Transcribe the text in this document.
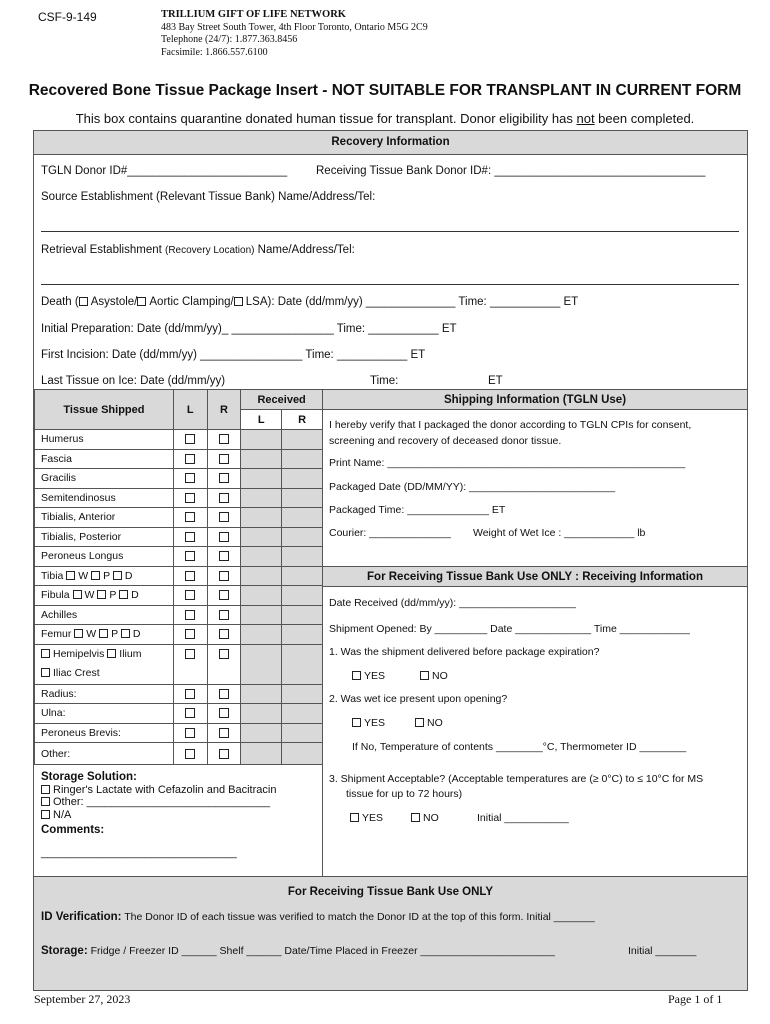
CSF-9-149	TRILLIUM GIFT OF LIFE NETWORK
483 Bay Street South Tower, 4th Floor Toronto, Ontario M5G 2C9
Telephone (24/7): 1.877.363.8456
Facsimile: 1.866.557.6100
Recovered Bone Tissue Package Insert - NOT SUITABLE FOR TRANSPLANT IN CURRENT FORM
This box contains quarantine donated human tissue for transplant. Donor eligibility has not been completed.
Recovery Information
TGLN Donor ID#_________________________	Receiving Tissue Bank Donor ID#: _________________________________
Source Establishment (Relevant Tissue Bank) Name/Address/Tel:
Retrieval Establishment (Recovery Location) Name/Address/Tel:
Death ( Asystole/ Aortic Clamping/ LSA): Date (dd/mm/yy) ______________ Time: ___________ ET
Initial Preparation: Date (dd/mm/yy)_ ________________ Time: ___________ ET
First Incision: Date (dd/mm/yy) ________________ Time: ___________ ET
Last Tissue on Ice: Date (dd/mm/yy)	Time:	ET
Tissue Shipped	L	R	Received	
			L	R
Humerus				
Fascia				
Gracilis				
Semitendinosus				
Tibialis, Anterior				
Tibialis, Posterior				
Peroneus Longus				
Tibia W P D				
Fibula W P D				
Achilles				
Femur W P D				

Hemipelvis Ilium
Iliac Crest				

Radius:				
Ulna:				
Peroneus Brevis:				
Other:				
Storage Solution:
Ringer's Lactate with Cefazolin and Bacitracin
Other: ______________________________
N/A
Comments:
________________________________
Shipping Information (TGLN Use)
I hereby verify that I packaged the donor according to TGLN CPIs for consent,
screening and recovery of deceased donor tissue.
Print Name: ___________________________________________________
Packaged Date (DD/MM/YY): _________________________
Packaged Time: ______________ ET
Courier: ______________ Weight of Wet Ice : ____________ lb
For Receiving Tissue Bank Use ONLY : Receiving Information
Date Received (dd/mm/yy): ____________________
Shipment Opened: By _________ Date _____________ Time ____________
1. Was the shipment delivered before package expiration?
YES	NO
2. Was wet ice present upon opening?
YES	NO
If No, Temperature of contents ________°C, Thermometer ID ________
3. Shipment Acceptable? (Acceptable temperatures are (≥ 0°C) to ≤ 10°C for MS
tissue for up to 72 hours)
YES	NO	Initial ___________
For Receiving Tissue Bank Use ONLY
ID Verification: The Donor ID of each tissue was verified to match the Donor ID at the top of this form. Initial _______
Storage: Fridge / Freezer ID ______ Shelf ______ Date/Time Placed in Freezer _______________________	Initial _______
September 27, 2023	Page 1 of 1
